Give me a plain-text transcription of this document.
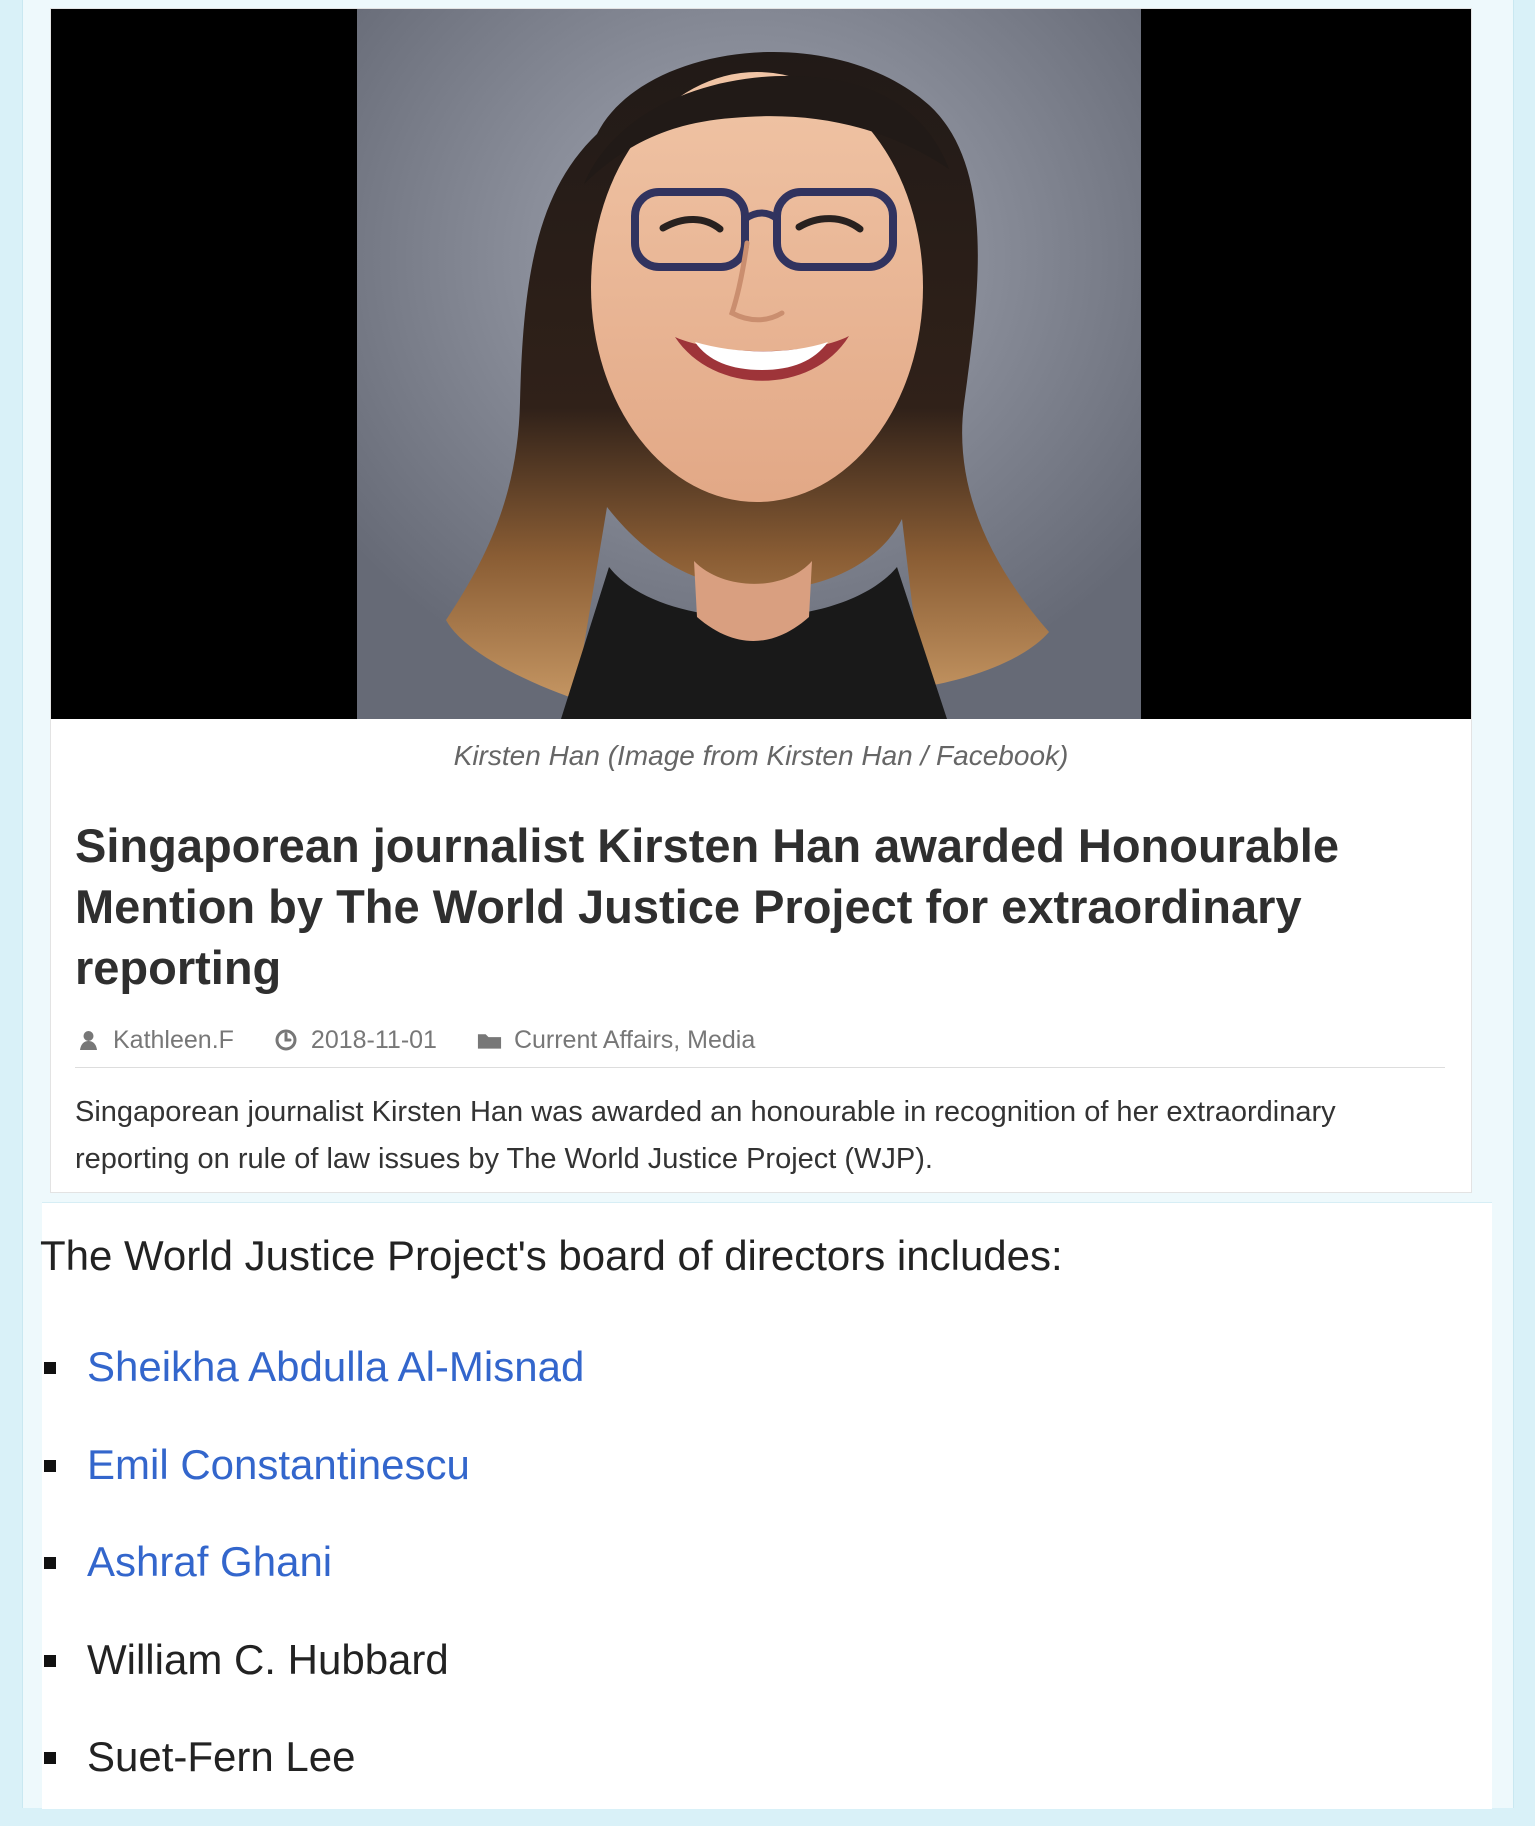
Kirsten Han (Image from Kirsten Han / Facebook)
Singaporean journalist Kirsten Han awarded Honourable Mention by The World Justice Project for extraordinary reporting
Kathleen.F	2018-11-01	Current Affairs, Media

Singaporean journalist Kirsten Han was awarded an honourable in recognition of her extraordinary reporting on rule of law issues by The World Justice Project (WJP).

The World Justice Project's board of directors includes:

Sheikha Abdulla Al-Misnad
Emil Constantinescu
Ashraf Ghani
William C. Hubbard
Suet-Fern Lee
